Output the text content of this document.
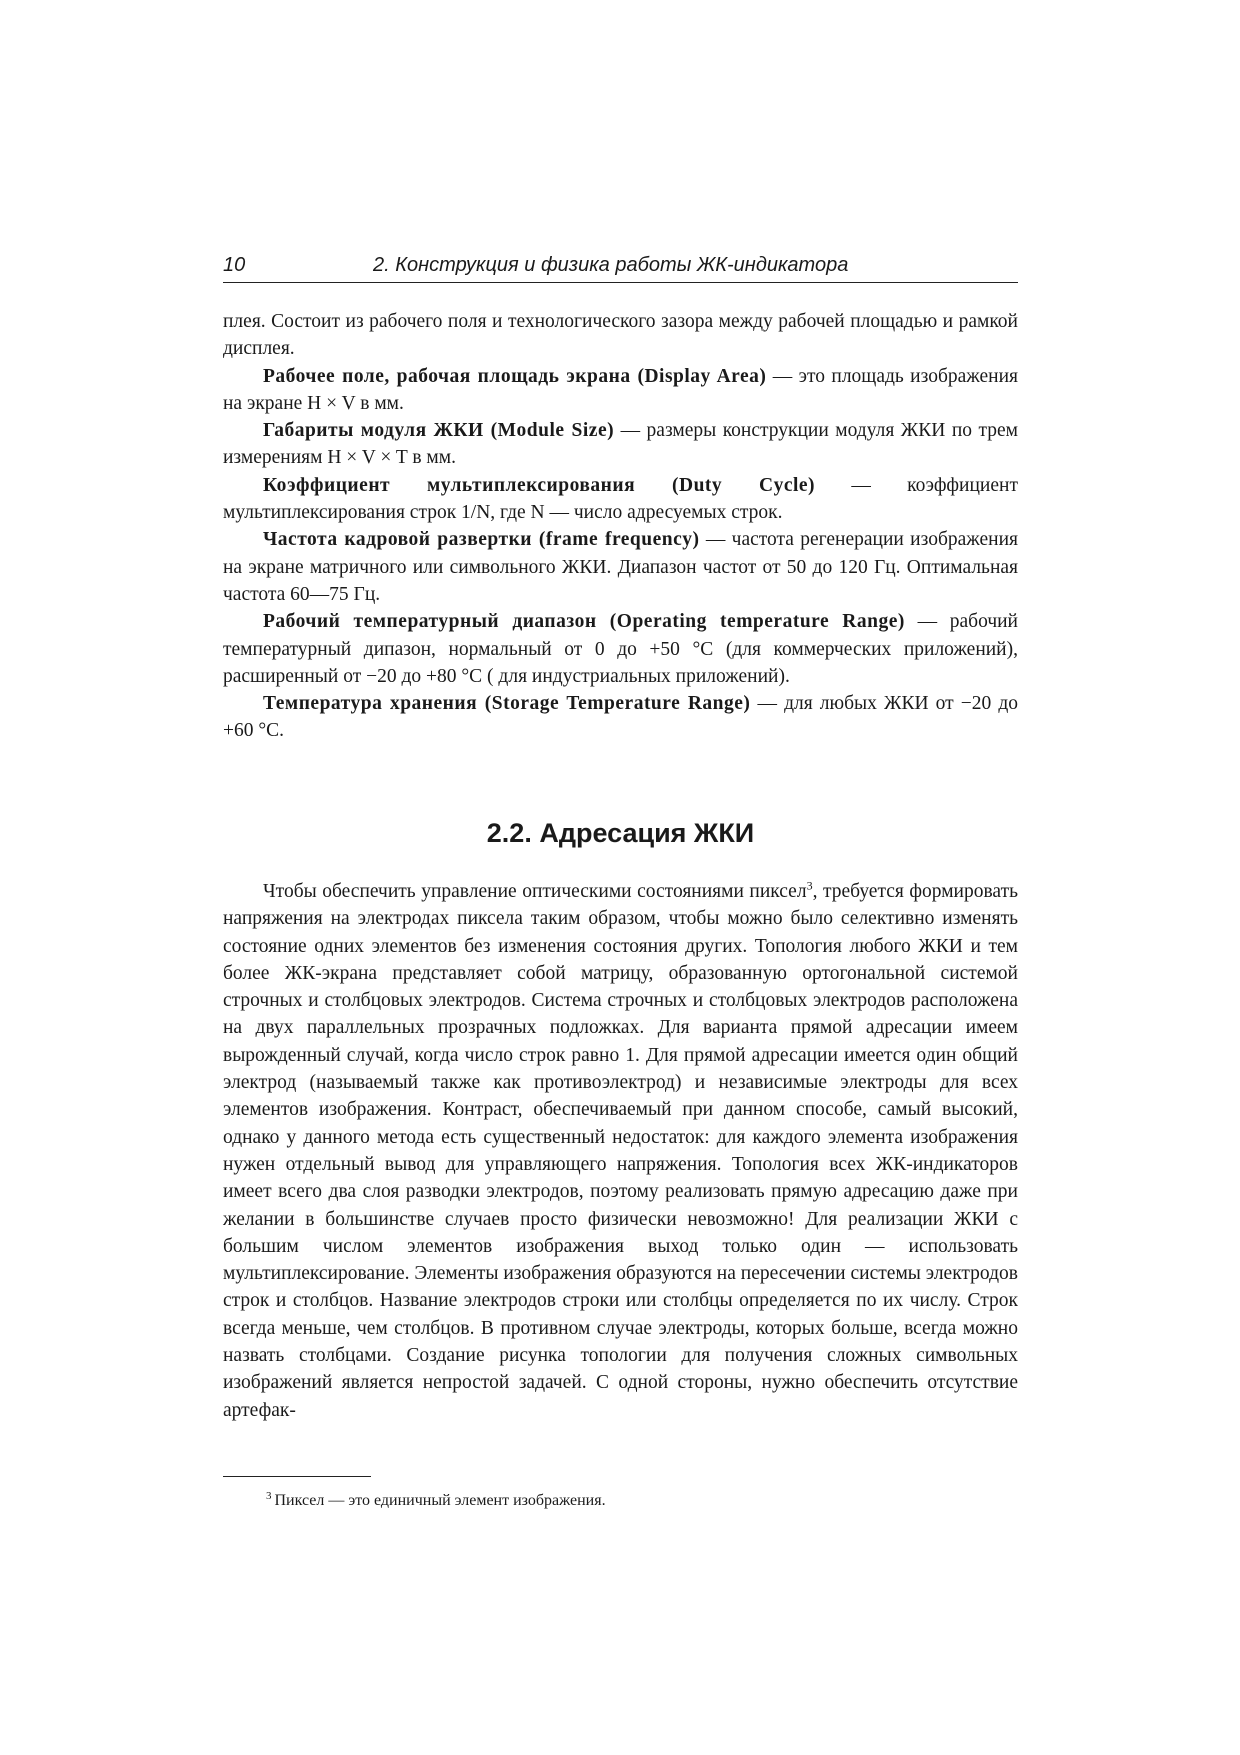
10	2. Конструкция и физика работы ЖК-индикатора

плея. Состоит из рабочего поля и технологического зазора между рабочей площадью и рамкой дисплея.

Рабочее поле, рабочая площадь экрана (Display Area) — это площадь изображения на экране H × V в мм.

Габариты модуля ЖКИ (Module Size) — размеры конструкции модуля ЖКИ по трем измерениям H × V × T в мм.

Коэффициент мультиплексирования (Duty Cycle) — коэффициент мультиплексирования строк 1/N, где N — число адресуемых строк.

Частота кадровой развертки (frame frequency) — частота регенерации изображения на экране матричного или символьного ЖКИ. Диапазон частот от 50 до 120 Гц. Оптимальная частота 60—75 Гц.

Рабочий температурный диапазон (Operating temperature Range) — рабочий температурный дипазон, нормальный от 0 до +50 °C (для коммерческих приложений), расширенный от −20 до +80 °C ( для индустриальных приложений).

Температура хранения (Storage Temperature Range) — для любых ЖКИ от −20 до +60 °С.

2.2. Адресация ЖКИ

Чтобы обеспечить управление оптическими состояниями пиксел$^3$, требуется формировать напряжения на электродах пиксела таким образом, чтобы можно было селективно изменять состояние одних элементов без изменения состояния других. Топология любого ЖКИ и тем более ЖК-экрана представляет собой матрицу, образованную ортогональной системой строчных и столбцовых электродов. Система строчных и столбцовых электродов расположена на двух параллельных прозрачных подложках. Для варианта прямой адресации имеем вырожденный случай, когда число строк равно 1. Для прямой адресации имеется один общий электрод (называемый также как противоэлектрод) и независимые электроды для всех элементов изображения. Контраст, обеспечиваемый при данном способе, самый высокий, однако у данного метода есть существенный недостаток: для каждого элемента изображения нужен отдельный вывод для управляющего напряжения. Топология всех ЖК-индикаторов имеет всего два слоя разводки электродов, поэтому реализовать прямую адресацию даже при желании в большинстве случаев просто физически невозможно! Для реализации ЖКИ с большим числом элементов изображения выход только один — использовать мультиплексирование. Элементы изображения образуются на пересечении системы электродов строк и столбцов. Название электродов строки или столбцы определяется по их числу. Строк всегда меньше, чем столбцов. В противном случае электроды, которых больше, всегда можно назвать столбцами. Создание рисунка топологии для получения сложных символьных изображений является непростой задачей. С одной стороны, нужно обеспечить отсутствие артефак-

$^3$ Пиксел — это единичный элемент изображения.
